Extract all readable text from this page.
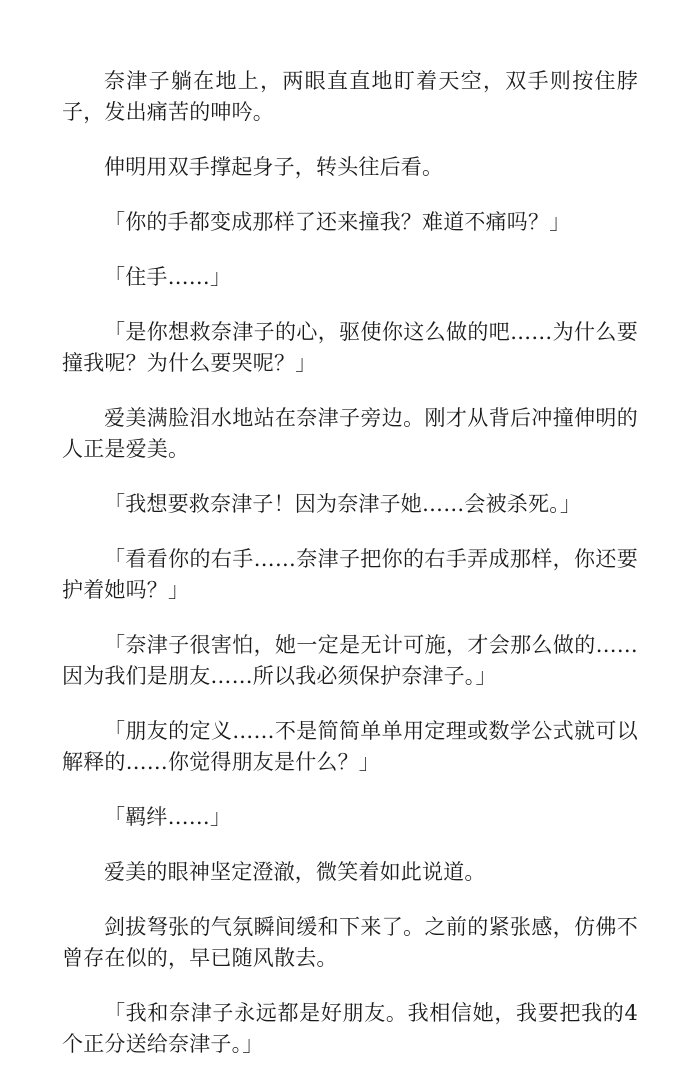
奈津子躺在地上，两眼直直地盯着天空，双手则按住脖子，发出痛苦的呻吟。

伸明用双手撑起身子，转头往后看。

「你的手都变成那样了还来撞我？难道不痛吗？」

「住手……」

「是你想救奈津子的心，驱使你这么做的吧……为什么要撞我呢？为什么要哭呢？」

爱美满脸泪水地站在奈津子旁边。刚才从背后冲撞伸明的人正是爱美。

「我想要救奈津子！因为奈津子她……会被杀死。」

「看看你的右手……奈津子把你的右手弄成那样，你还要护着她吗？」

「奈津子很害怕，她一定是无计可施，才会那么做的……因为我们是朋友……所以我必须保护奈津子。」

「朋友的定义……不是简简单单用定理或数学公式就可以解释的……你觉得朋友是什么？」

「羁绊……」

爱美的眼神坚定澄澈，微笑着如此说道。

剑拔弩张的气氛瞬间缓和下来了。之前的紧张感，仿佛不曾存在似的，早已随风散去。

「我和奈津子永远都是好朋友。我相信她，我要把我的4个正分送给奈津子。」
